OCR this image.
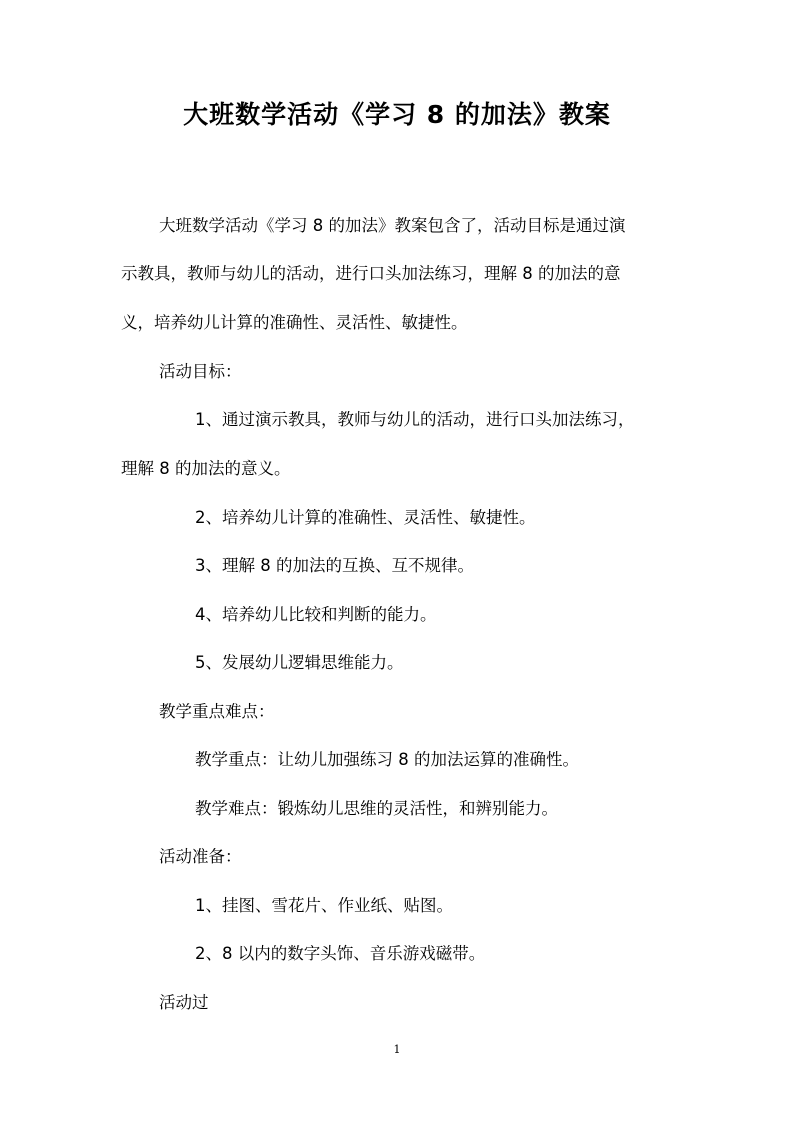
大班数学活动《学习 8 的加法》教案

大班数学活动《学习 8 的加法》教案包含了，活动目标是通过演

示教具，教师与幼儿的活动，进行口头加法练习，理解 8 的加法的意

义，培养幼儿计算的准确性、灵活性、敏捷性。

活动目标：

1、通过演示教具，教师与幼儿的活动，进行口头加法练习，

理解 8 的加法的意义。

2、培养幼儿计算的准确性、灵活性、敏捷性。

3、理解 8 的加法的互换、互不规律。

4、培养幼儿比较和判断的能力。

5、发展幼儿逻辑思维能力。

教学重点难点：

教学重点：让幼儿加强练习 8 的加法运算的准确性。

教学难点：锻炼幼儿思维的灵活性，和辨别能力。

活动准备：

1、挂图、雪花片、作业纸、贴图。

2、8 以内的数字头饰、音乐游戏磁带。

活动过

1
